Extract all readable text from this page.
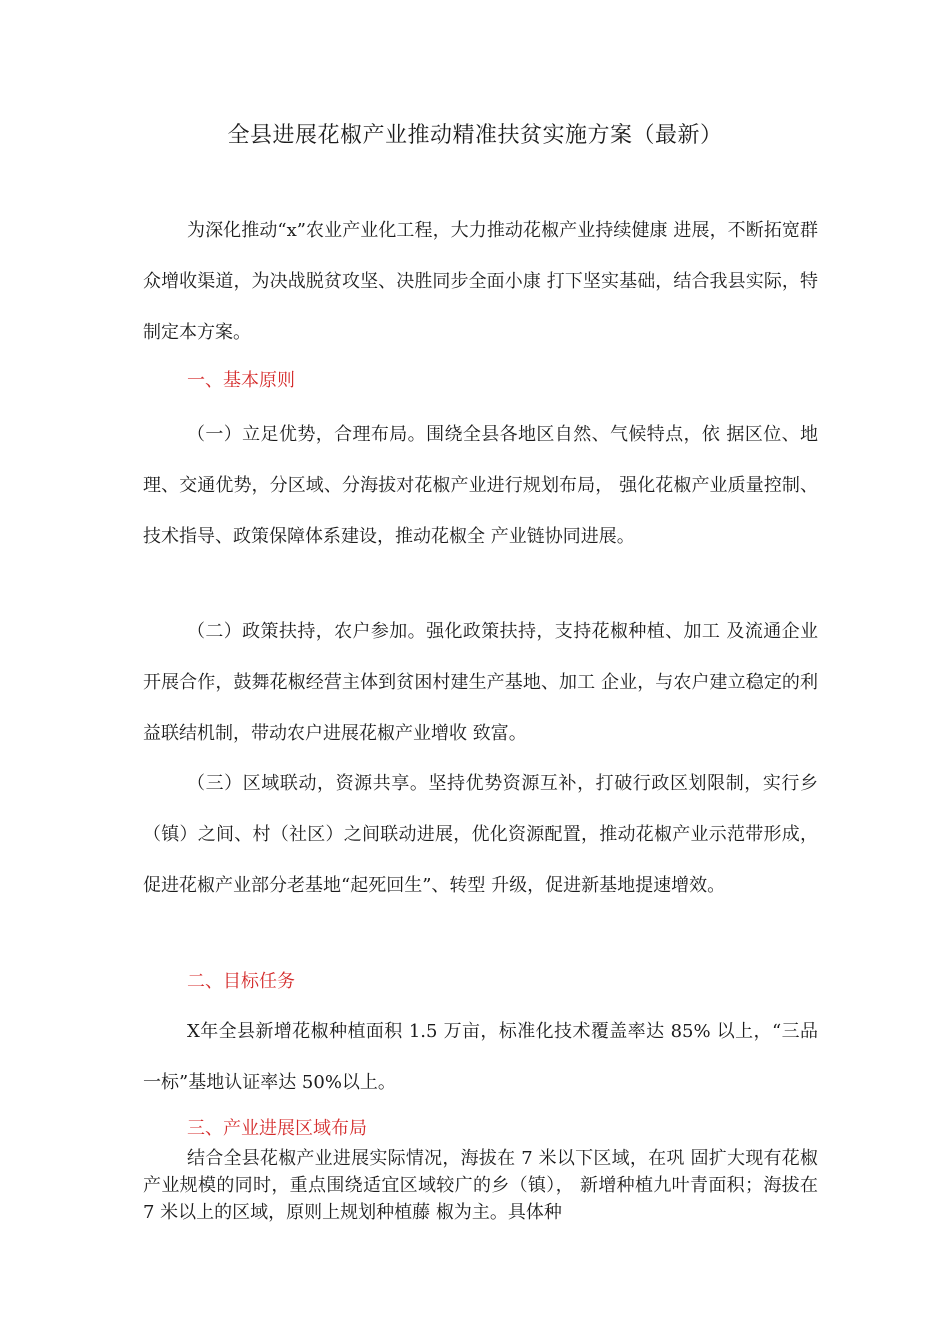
全县进展花椒产业推动精准扶贫实施方案（最新）

为深化推动“x”农业产业化工程，大力推动花椒产业持续健康 进展，不断拓宽群众增收渠道，为决战脱贫攻坚、决胜同步全面小康 打下坚实基础，结合我县实际，特制定本方案。

一、基本原则

（一）立足优势，合理布局。围绕全县各地区自然、气候特点，依 据区位、地理、交通优势，分区域、分海拔对花椒产业进行规划布局， 强化花椒产业质量控制、技术指导、政策保障体系建设，推动花椒全 产业链协同进展。

（二）政策扶持，农户参加。强化政策扶持，支持花椒种植、加工 及流通企业开展合作，鼓舞花椒经营主体到贫困村建生产基地、加工 企业，与农户建立稳定的利益联结机制，带动农户进展花椒产业增收 致富。

（三）区域联动，资源共享。坚持优势资源互补，打破行政区划限制，实行乡（镇）之间、村（社区）之间联动进展，优化资源配置，推动花椒产业示范带形成，促进花椒产业部分老基地“起死回生”、转型 升级，促进新基地提速增效。

二、目标任务

X年全县新增花椒种植面积 1.5 万亩，标准化技术覆盖率达 85% 以上，“三品一标”基地认证率达 50%以上。

三、产业进展区域布局

结合全县花椒产业进展实际情况，海拔在 7 米以下区域，在巩 固扩大现有花椒产业规模的同时，重点围绕适宜区域较广的乡（镇）， 新增种植九叶青面积；海拔在 7 米以上的区域，原则上规划种植藤 椒为主。具体种
